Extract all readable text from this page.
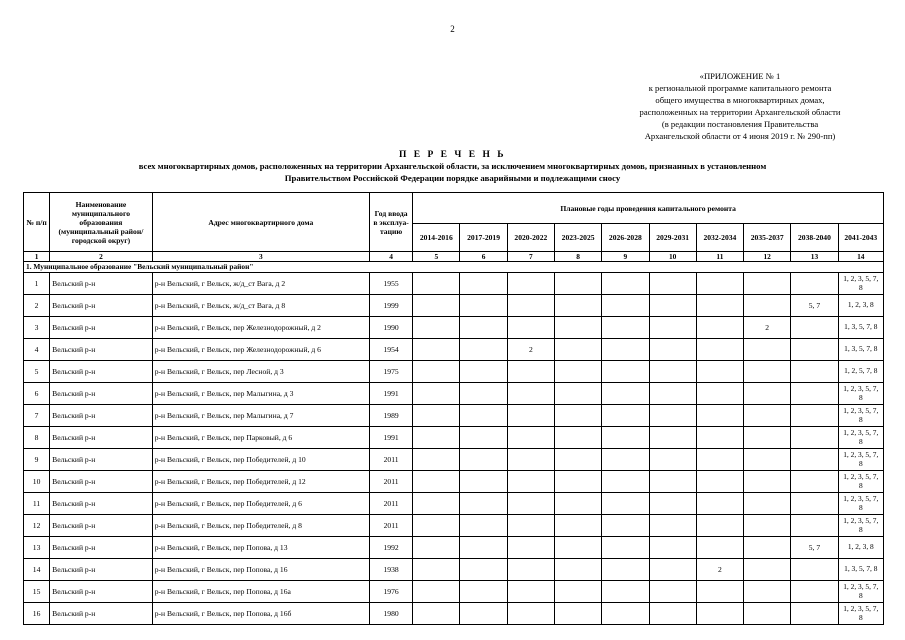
2
«ПРИЛОЖЕНИЕ № 1
к региональной программе капитального ремонта
общего имущества в многоквартирных домах,
расположенных на территории Архангельской области
(в редакции постановления Правительства
Архангельской области от 4 июня 2019 г. № 290-пп)
П Е Р Е Ч Е Н Ь
всех многоквартирных домов, расположенных на территории Архангельской области, за исключением многоквартирных домов, признанных в установленном
Правительством Российской Федерации порядке аварийными и подлежащими сносу
№ п/п	Наименование муниципального образования (муниципальный район/городской округ)	Адрес многоквартирного дома	Год ввода в эксплуа-тацию	Плановые годы проведения капитального ремонта									
				2014-2016	2017-2019	2020-2022	2023-2025	2026-2028	2029-2031	2032-2034	2035-2037	2038-2040	2041-2043
1	2	3	4	5	6	7	8	9	10	11	12	13	14
1. Муниципальное образование "Вельский муниципальный район"													
1	Вельский р-н	р-н Вельский, г Вельск, ж/д_ст Вага, д 2	1955										1, 2, 3, 5, 7, 8
2	Вельский р-н	р-н Вельский, г Вельск, ж/д_ст Вага, д 8	1999									5, 7	1, 2, 3, 8
3	Вельский р-н	р-н Вельский, г Вельск, пер Железнодорожный, д 2	1990								2		1, 3, 5, 7, 8
4	Вельский р-н	р-н Вельский, г Вельск, пер Железнодорожный, д 6	1954			2							1, 3, 5, 7, 8
5	Вельский р-н	р-н Вельский, г Вельск, пер Лесной, д 3	1975										1, 2, 5, 7, 8
6	Вельский р-н	р-н Вельский, г Вельск, пер Малыгина, д 3	1991										1, 2, 3, 5, 7, 8
7	Вельский р-н	р-н Вельский, г Вельск, пер Малыгина, д 7	1989										1, 2, 3, 5, 7, 8
8	Вельский р-н	р-н Вельский, г Вельск, пер Парковый, д 6	1991										1, 2, 3, 5, 7, 8
9	Вельский р-н	р-н Вельский, г Вельск, пер Победителей, д 10	2011										1, 2, 3, 5, 7, 8
10	Вельский р-н	р-н Вельский, г Вельск, пер Победителей, д 12	2011										1, 2, 3, 5, 7, 8
11	Вельский р-н	р-н Вельский, г Вельск, пер Победителей, д 6	2011										1, 2, 3, 5, 7, 8
12	Вельский р-н	р-н Вельский, г Вельск, пер Победителей, д 8	2011										1, 2, 3, 5, 7, 8
13	Вельский р-н	р-н Вельский, г Вельск, пер Попова, д 13	1992									5, 7	1, 2, 3, 8
14	Вельский р-н	р-н Вельский, г Вельск, пер Попова, д 16	1938							2			1, 3, 5, 7, 8
15	Вельский р-н	р-н Вельский, г Вельск, пер Попова, д 16а	1976										1, 2, 3, 5, 7, 8
16	Вельский р-н	р-н Вельский, г Вельск, пер Попова, д 16б	1980										1, 2, 3, 5, 7, 8
